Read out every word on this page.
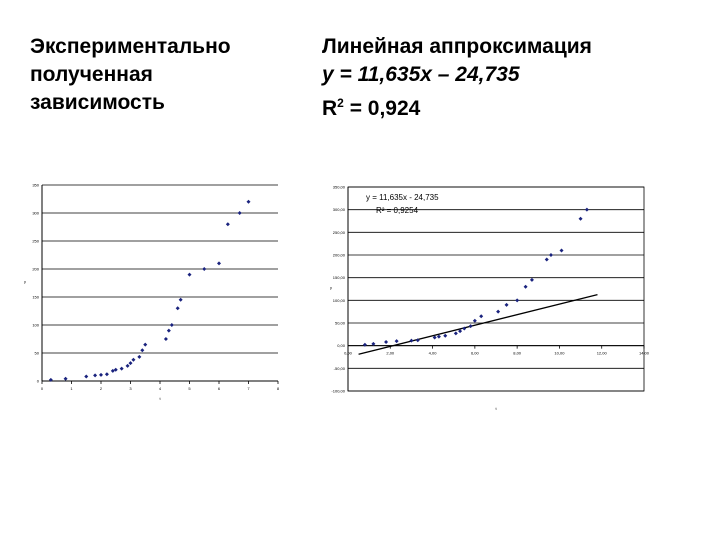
Экспериментально
полученная
зависимость
Линейная аппроксимация
y = 11,635x – 24,735
$R^2 = 0,924$
0
50
100
150
200
250
300
350
0	1	2	3	4	5	6	7	8
t
y
-100,00
-50,00
0,00
50,00
100,00
150,00
200,00
250,00
300,00
350,00
0,00	2,00	4,00	6,00	8,00	10,00	12,00	14,00
t
y
y = 11,635x - 24,735
R² = 0,9254
